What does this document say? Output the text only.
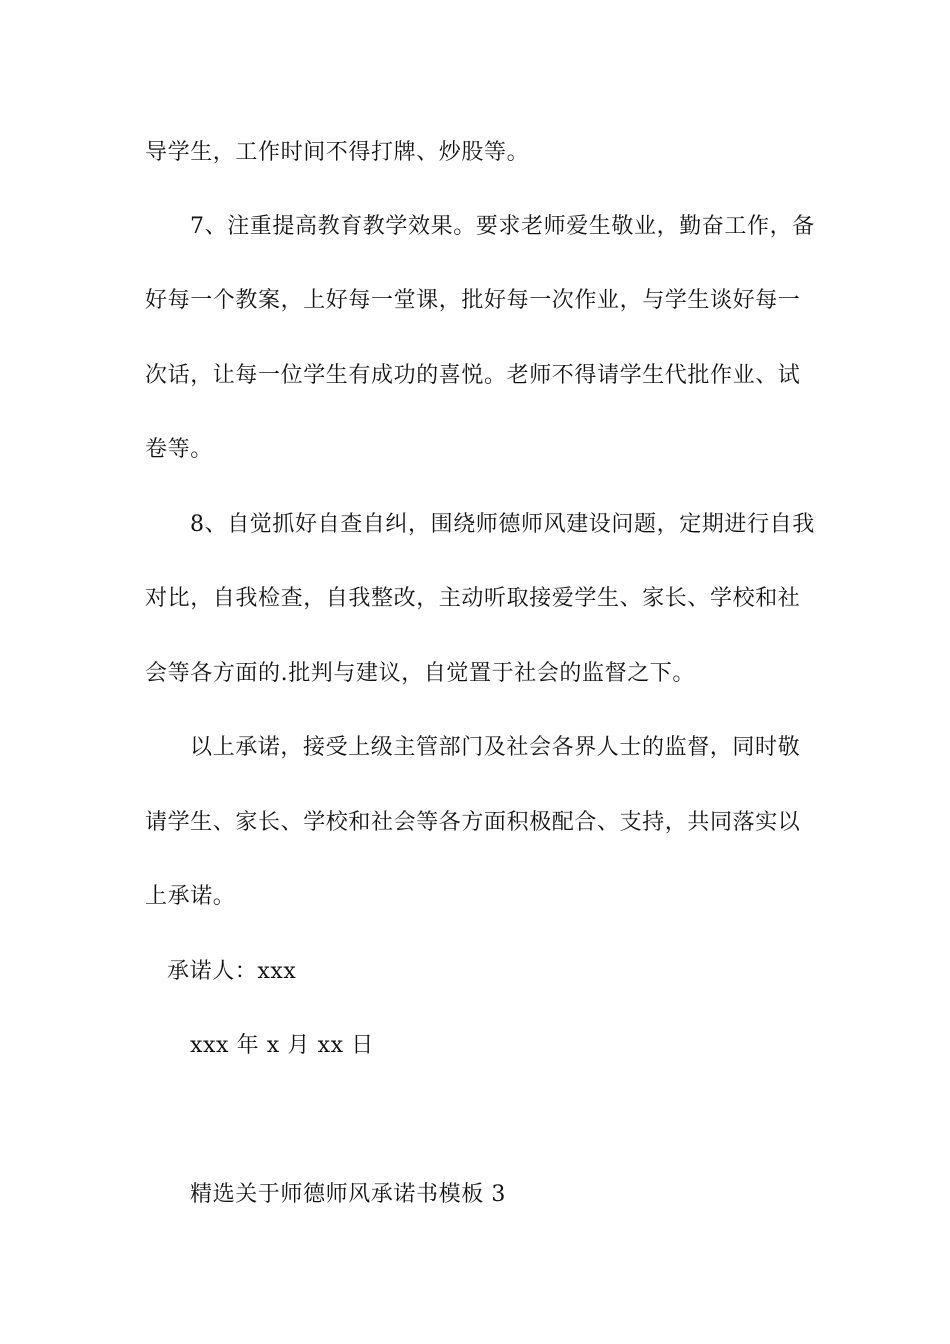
导学生，工作时间不得打牌、炒股等。
7、注重提高教育教学效果。要求老师爱生敬业，勤奋工作，备
好每一个教案，上好每一堂课，批好每一次作业，与学生谈好每一
次话，让每一位学生有成功的喜悦。老师不得请学生代批作业、试
卷等。
8、自觉抓好自查自纠，围绕师德师风建设问题，定期进行自我
对比，自我检查，自我整改，主动听取接爱学生、家长、学校和社
会等各方面的.批判与建议，自觉置于社会的监督之下。
以上承诺，接受上级主管部门及社会各界人士的监督，同时敬
请学生、家长、学校和社会等各方面积极配合、支持，共同落实以
上承诺。
承诺人：xxx
xxx 年 x 月 xx 日
精选关于师德师风承诺书模板 3
